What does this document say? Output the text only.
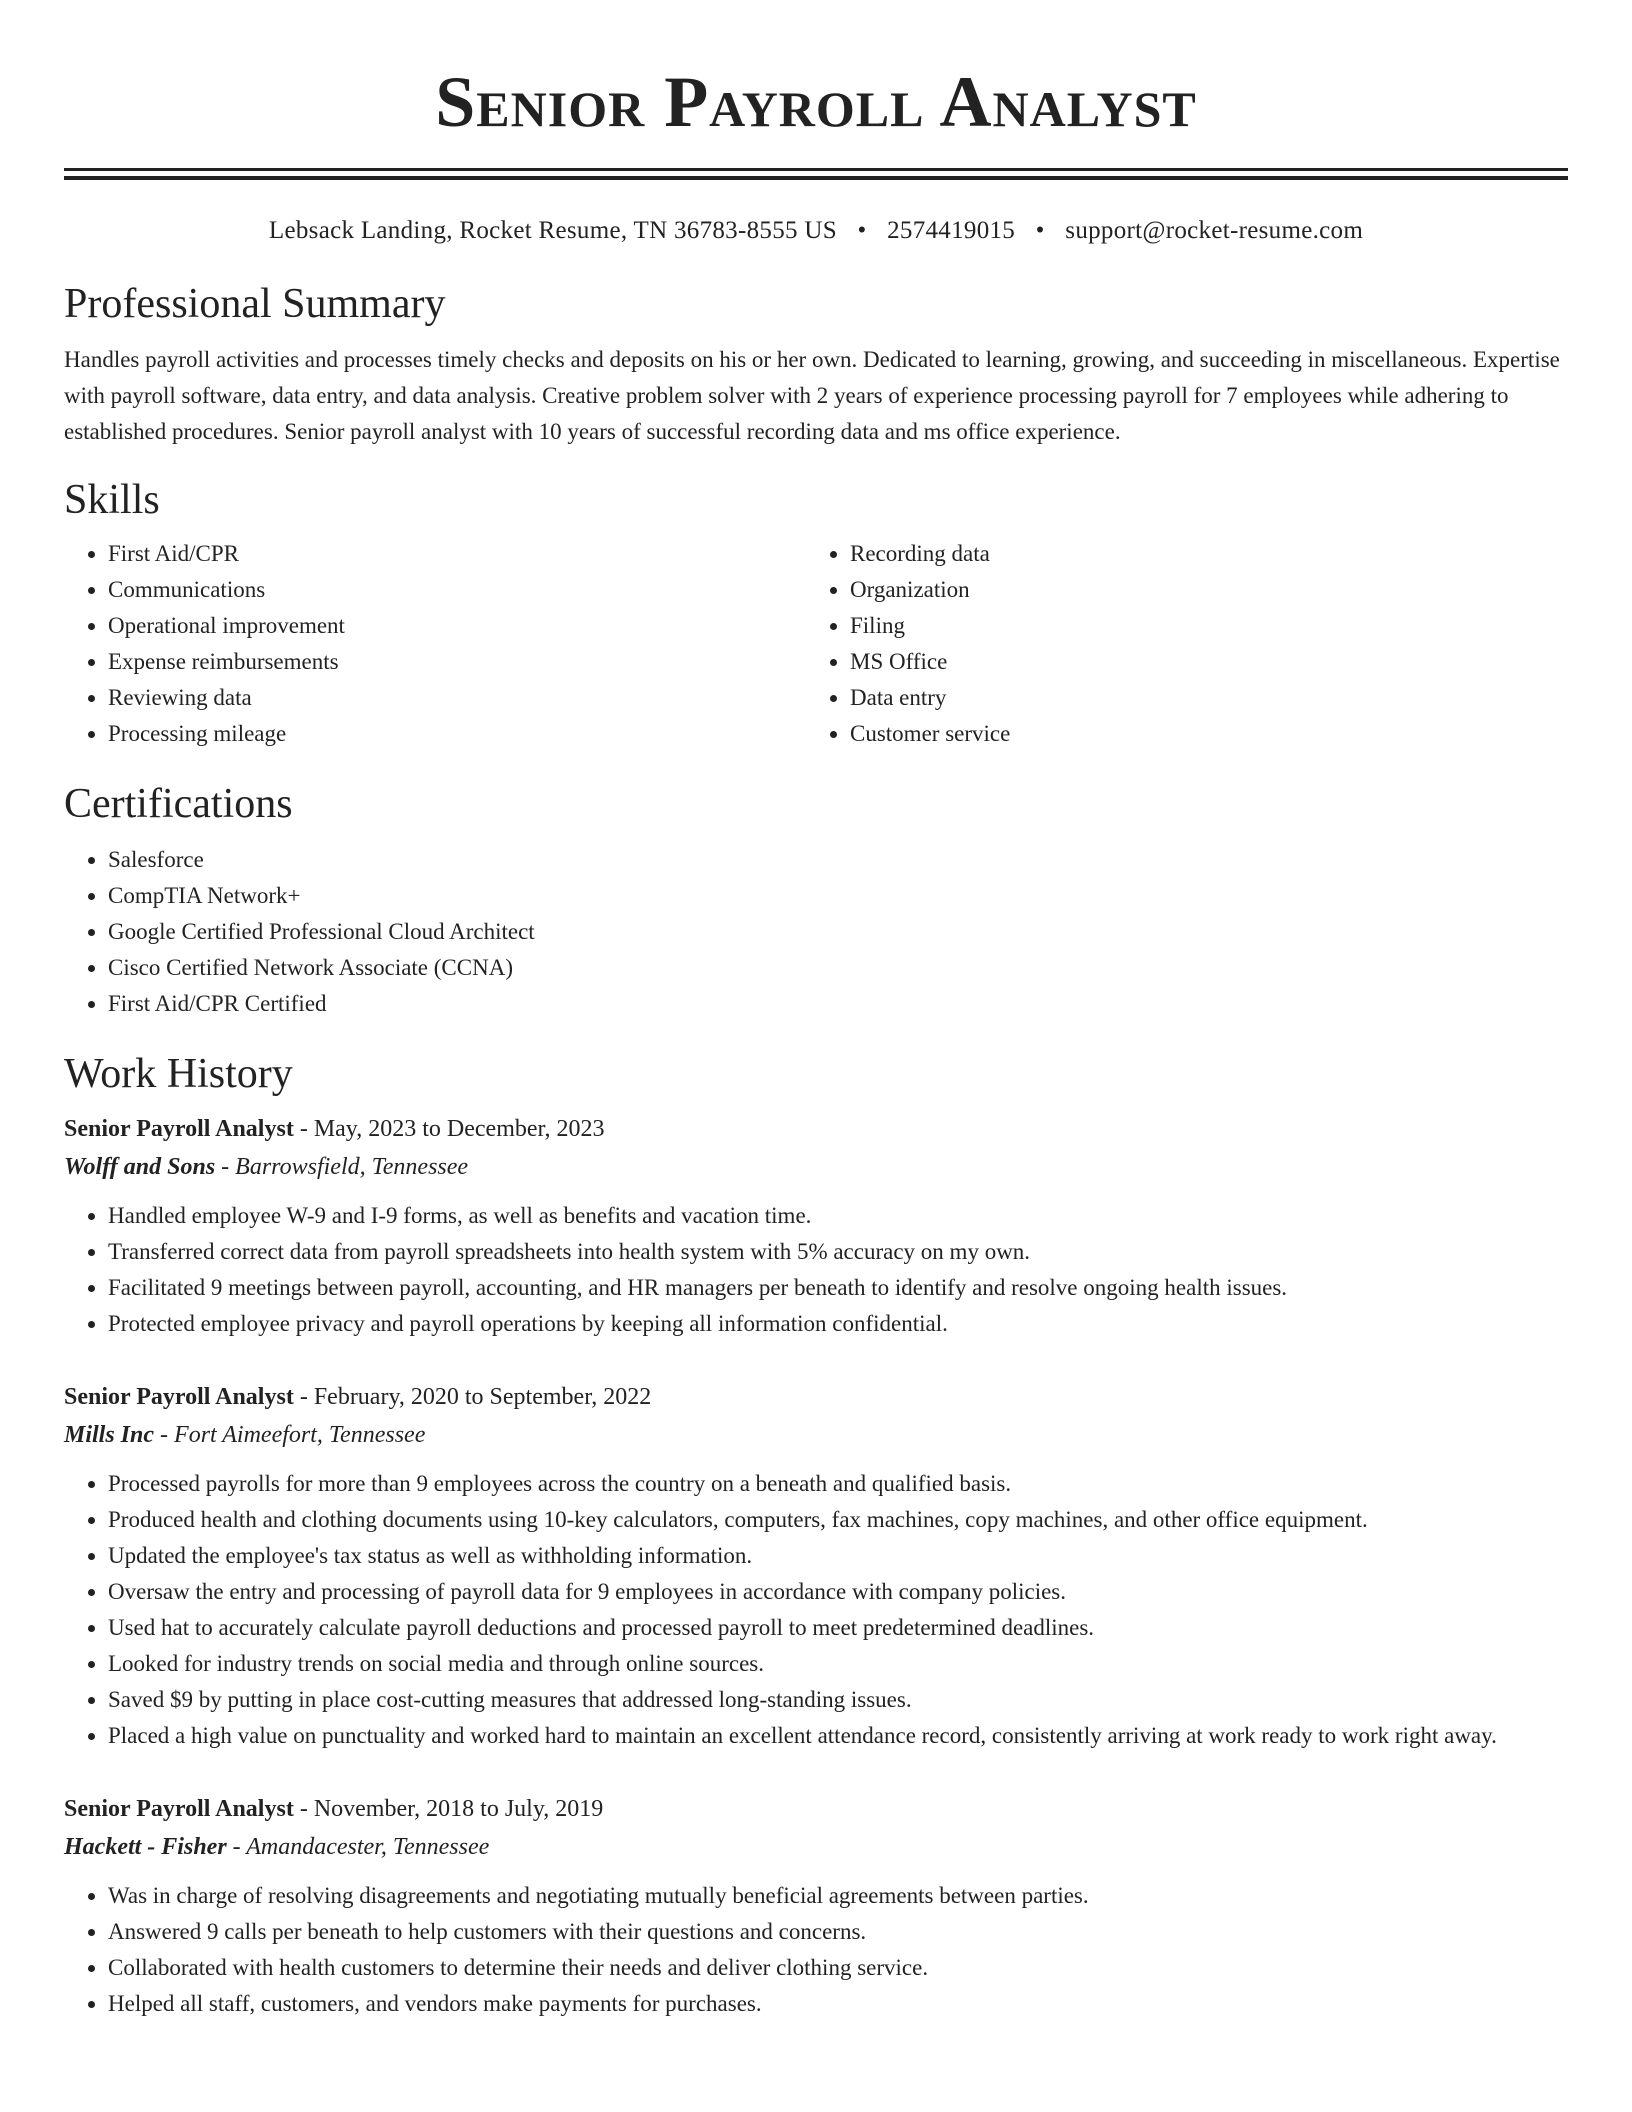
Senior Payroll Analyst
Lebsack Landing, Rocket Resume, TN 36783-8555 US • 2574419015 • support@rocket-resume.com
Professional Summary

Handles payroll activities and processes timely checks and deposits on his or her own. Dedicated to learning, growing, and succeeding in miscellaneous. Expertise with payroll software, data entry, and data analysis. Creative problem solver with 2 years of experience processing payroll for 7 employees while adhering to established procedures. Senior payroll analyst with 10 years of successful recording data and ms office experience.

Skills
• First Aid/CPR
• Communications
• Operational improvement
• Expense reimbursements
• Reviewing data
• Processing mileage
• Recording data
• Organization
• Filing
• MS Office
• Data entry
• Customer service
Certifications
• Salesforce
• CompTIA Network+
• Google Certified Professional Cloud Architect
• Cisco Certified Network Associate (CCNA)
• First Aid/CPR Certified
Work History
Senior Payroll Analyst - May, 2023 to December, 2023
Wolff and Sons - Barrowsfield, Tennessee
• Handled employee W-9 and I-9 forms, as well as benefits and vacation time.
• Transferred correct data from payroll spreadsheets into health system with 5% accuracy on my own.
• Facilitated 9 meetings between payroll, accounting, and HR managers per beneath to identify and resolve ongoing health issues.
• Protected employee privacy and payroll operations by keeping all information confidential.
Senior Payroll Analyst - February, 2020 to September, 2022
Mills Inc - Fort Aimeefort, Tennessee
• Processed payrolls for more than 9 employees across the country on a beneath and qualified basis.
• Produced health and clothing documents using 10-key calculators, computers, fax machines, copy machines, and other office equipment.
• Updated the employee's tax status as well as withholding information.
• Oversaw the entry and processing of payroll data for 9 employees in accordance with company policies.
• Used hat to accurately calculate payroll deductions and processed payroll to meet predetermined deadlines.
• Looked for industry trends on social media and through online sources.
• Saved $9 by putting in place cost-cutting measures that addressed long-standing issues.
• Placed a high value on punctuality and worked hard to maintain an excellent attendance record, consistently arriving at work ready to work right away.
Senior Payroll Analyst - November, 2018 to July, 2019
Hackett - Fisher - Amandacester, Tennessee
• Was in charge of resolving disagreements and negotiating mutually beneficial agreements between parties.
• Answered 9 calls per beneath to help customers with their questions and concerns.
• Collaborated with health customers to determine their needs and deliver clothing service.
• Helped all staff, customers, and vendors make payments for purchases.
